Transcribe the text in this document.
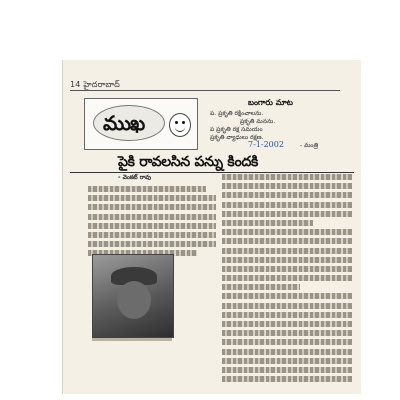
14 హైదరాబాద్
ముఖ
బంగారు మాట
ప. ప్రకృతి రక్షించాలను.
ప్రకృతి మనను.
ప ప్రకృతి రక్ష సమయం
ప్రకృతి వ్యాధులు రక్షణ.
- మంత్రి
7-1-2002
పైకి రావలసిన పన్ను కిందకి
- వెంకట్ రావు
